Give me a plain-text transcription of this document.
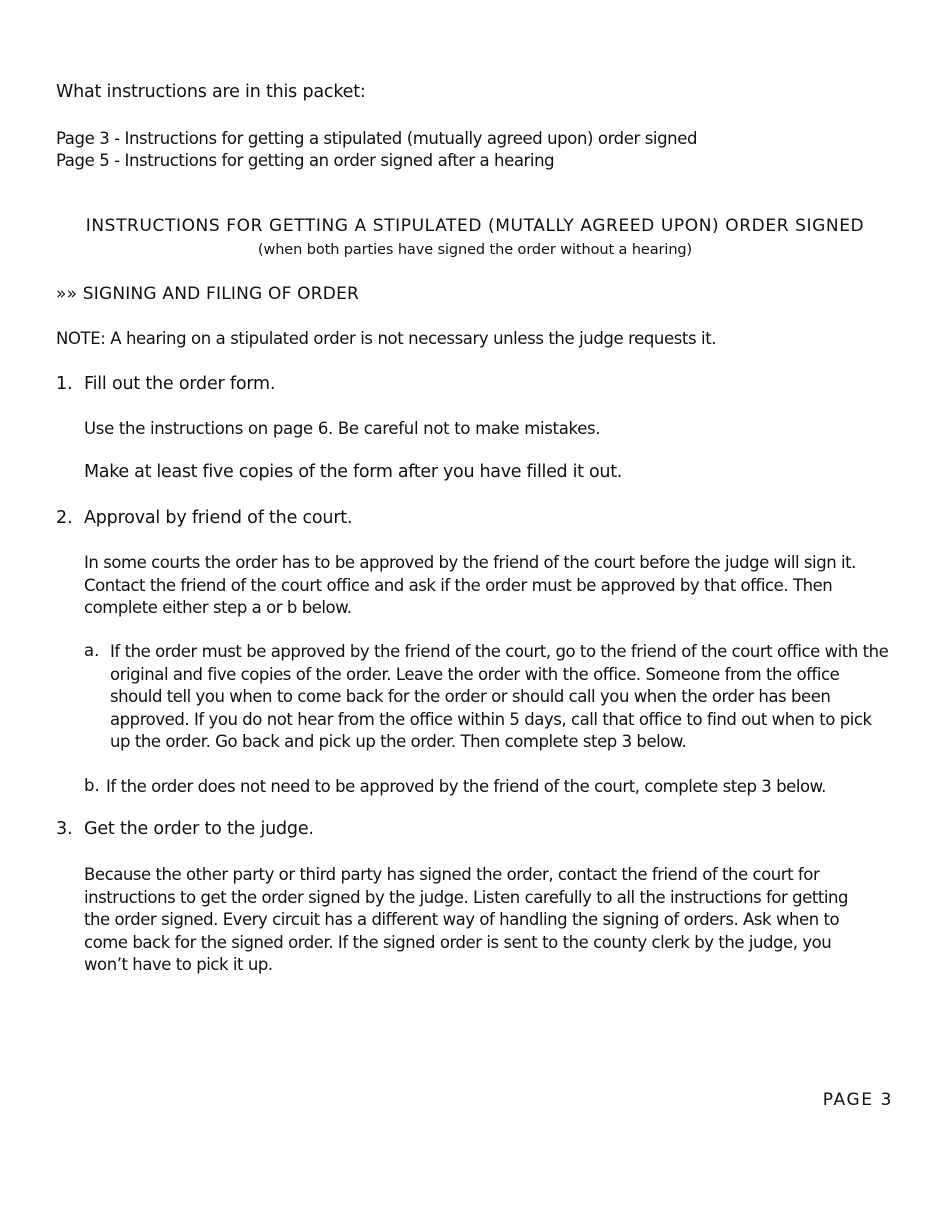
What instructions are in this packet:
Page 3 - Instructions for getting a stipulated (mutually agreed upon) order signed
Page 5 - Instructions for getting an order signed after a hearing
INSTRUCTIONS FOR GETTING A STIPULATED (MUTALLY AGREED UPON) ORDER SIGNED
(when both parties have signed the order without a hearing)
»» SIGNING AND FILING OF ORDER
NOTE: A hearing on a stipulated order is not necessary unless the judge requests it.
1. Fill out the order form.
Use the instructions on page 6. Be careful not to make mistakes.
Make at least five copies of the form after you have filled it out.
2. Approval by friend of the court.
In some courts the order has to be approved by the friend of the court before the judge will sign it. Contact the friend of the court office and ask if the order must be approved by that office. Then complete either step a or b below.
a. If the order must be approved by the friend of the court, go to the friend of the court office with the original and five copies of the order. Leave the order with the office. Someone from the office should tell you when to come back for the order or should call you when the order has been approved. If you do not hear from the office within 5 days, call that office to find out when to pick up the order. Go back and pick up the order. Then complete step 3 below.
b. If the order does not need to be approved by the friend of the court, complete step 3 below.
3. Get the order to the judge.
Because the other party or third party has signed the order, contact the friend of the court for instructions to get the order signed by the judge. Listen carefully to all the instructions for getting the order signed. Every circuit has a different way of handling the signing of orders. Ask when to come back for the signed order. If the signed order is sent to the county clerk by the judge, you won’t have to pick it up.
PAGE 3
